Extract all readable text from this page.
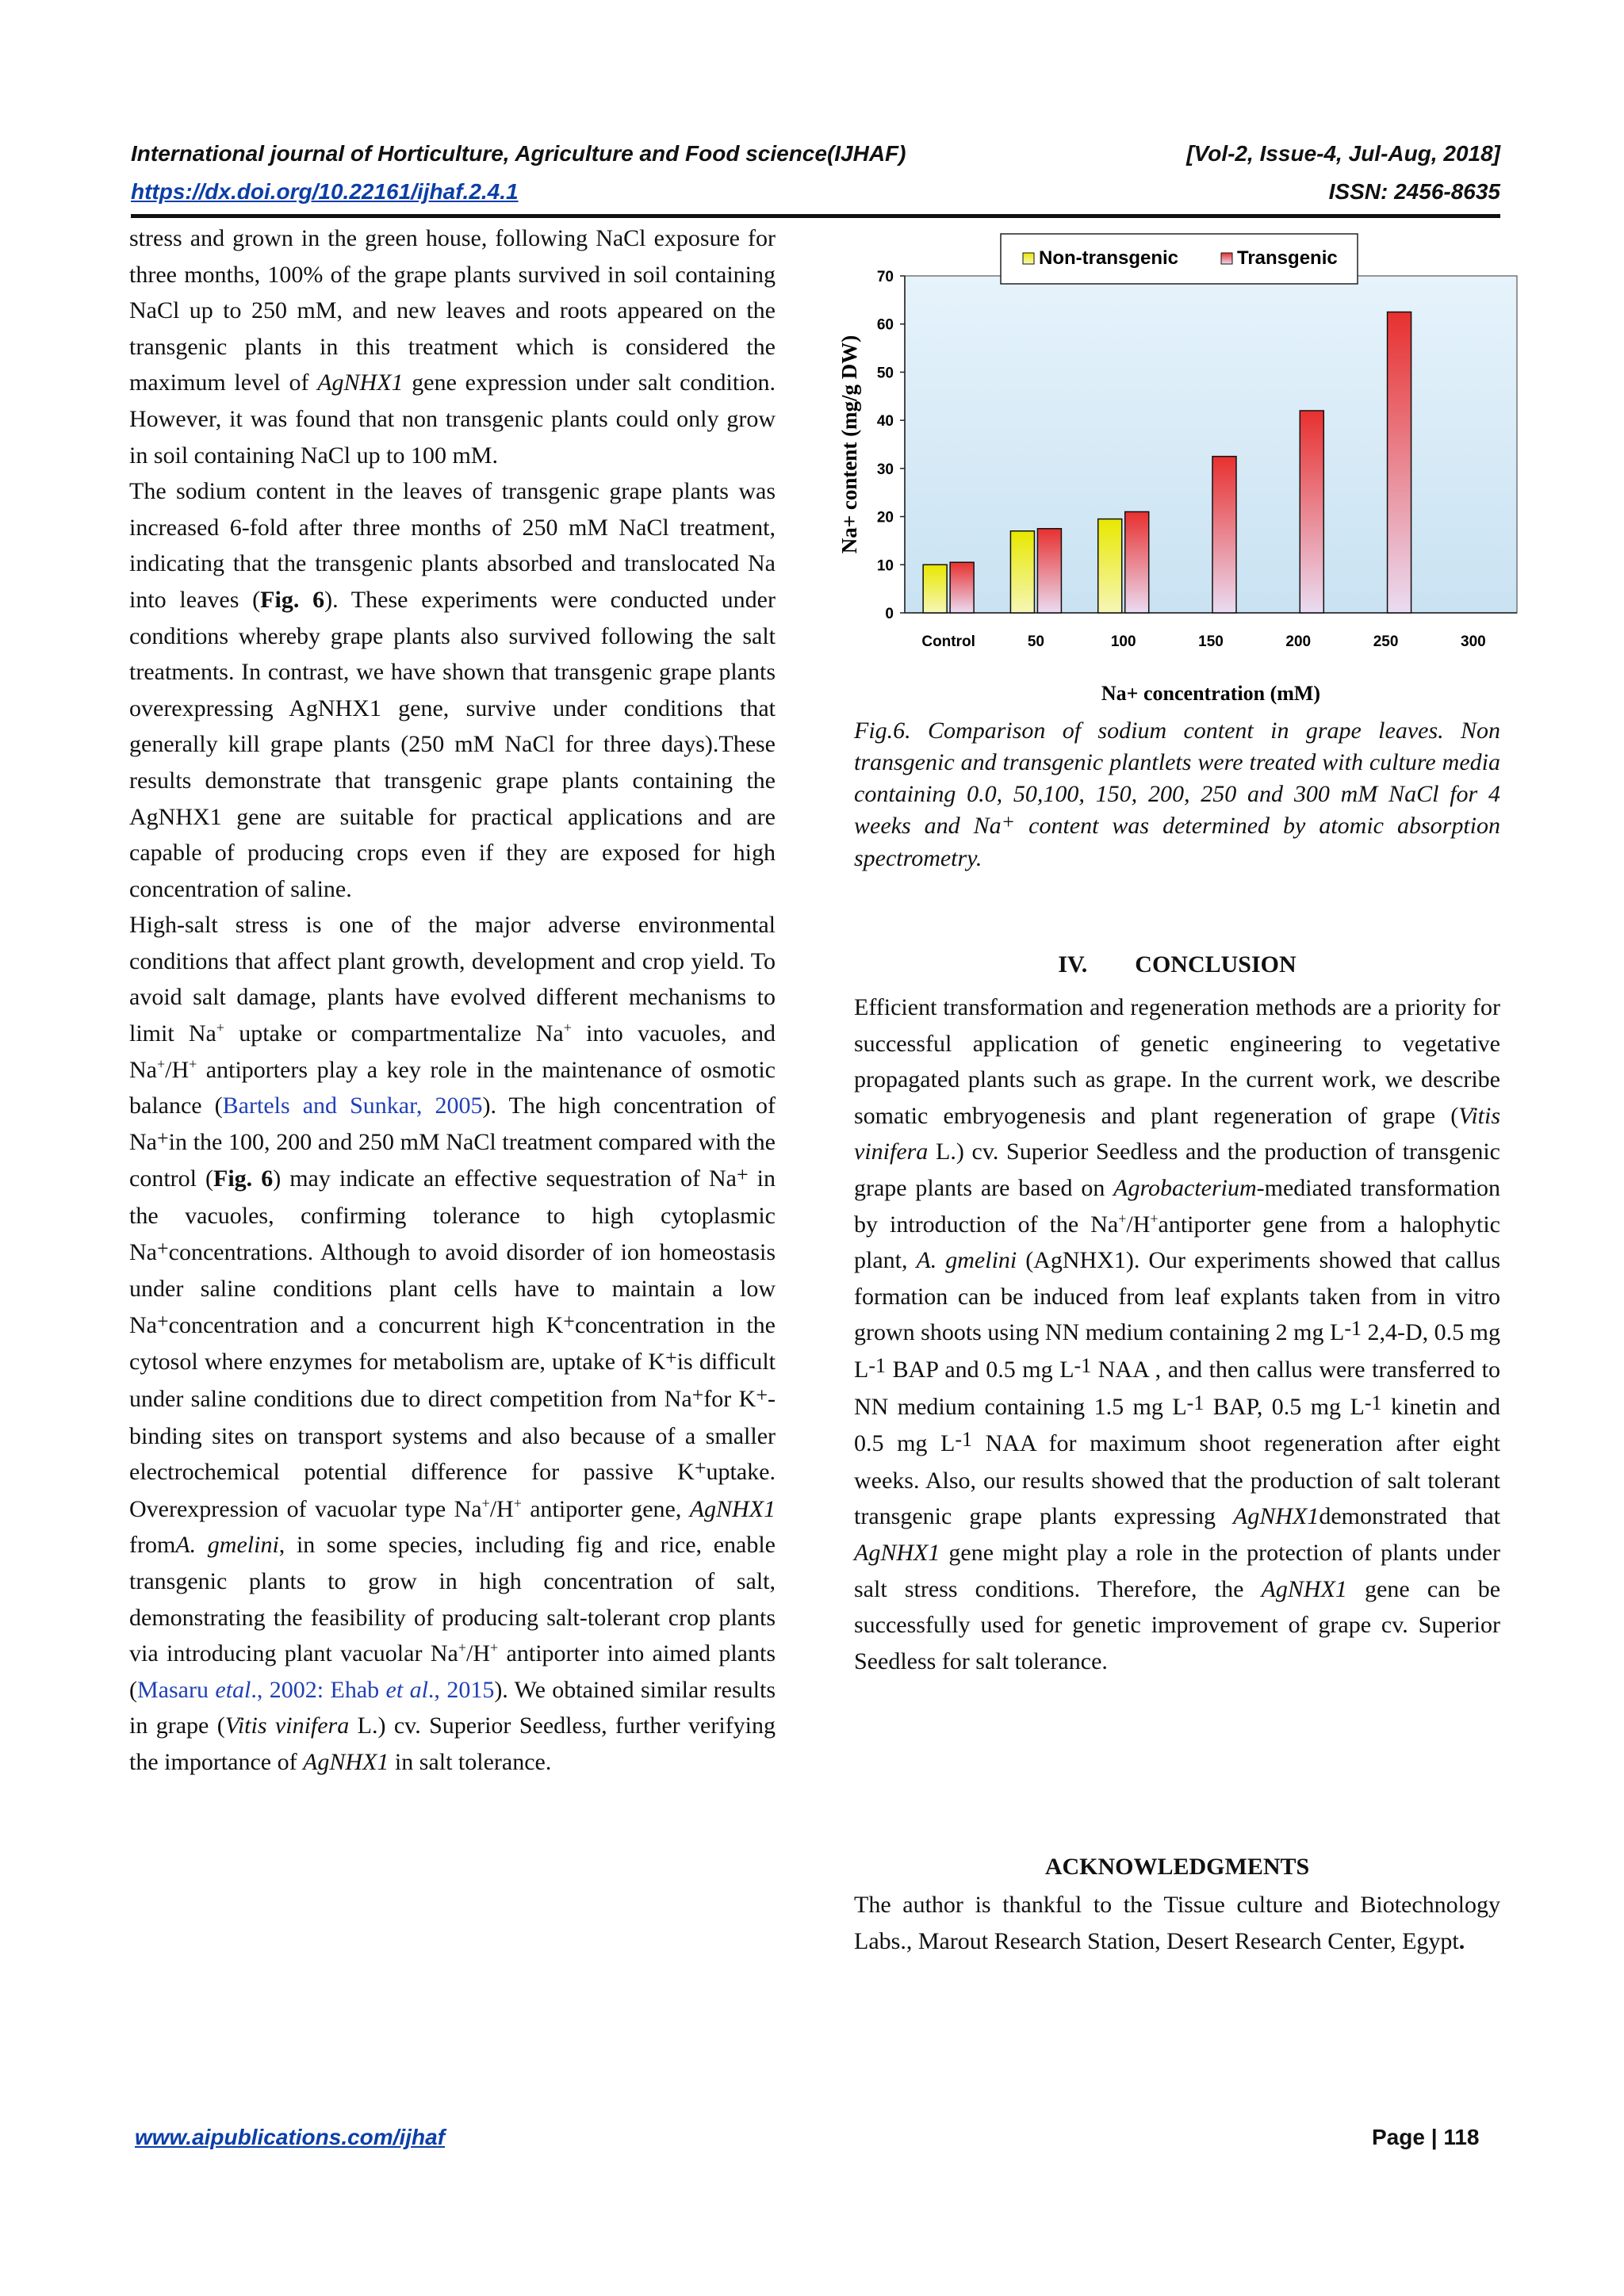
International journal of Horticulture, Agriculture and Food science(IJHAF)	[Vol-2, Issue-4, Jul-Aug, 2018]
https://dx.doi.org/10.22161/ijhaf.2.4.1	ISSN: 2456-8635

stress and grown in the green house, following NaCl exposure for three months, 100% of the grape plants survived in soil containing NaCl up to 250 mM, and new leaves and roots appeared on the transgenic plants in this treatment which is considered the maximum level of AgNHX1 gene expression under salt condition. However, it was found that non transgenic plants could only grow in soil containing NaCl up to 100 mM.

The sodium content in the leaves of transgenic grape plants was increased 6-fold after three months of 250 mM NaCl treatment, indicating that the transgenic plants absorbed and translocated Na into leaves (Fig. 6). These experiments were conducted under conditions whereby grape plants also survived following the salt treatments. In contrast, we have shown that transgenic grape plants overexpressing AgNHX1 gene, survive under conditions that generally kill grape plants (250 mM NaCl for three days).These results demonstrate that transgenic grape plants containing the AgNHX1 gene are suitable for practical applications and are capable of producing crops even if they are exposed for high concentration of saline.

High-salt stress is one of the major adverse environmental conditions that affect plant growth, development and crop yield. To avoid salt damage, plants have evolved different mechanisms to limit Na+ uptake or compartmentalize Na+ into vacuoles, and Na+/H+ antiporters play a key role in the maintenance of osmotic balance (Bartels and Sunkar, 2005). The high concentration of Na+in the 100, 200 and 250 mM NaCl treatment compared with the control (Fig. 6) may indicate an effective sequestration of Na+ in the vacuoles, confirming tolerance to high cytoplasmic Na+concentrations. Although to avoid disorder of ion homeostasis under saline conditions plant cells have to maintain a low Na+concentration and a concurrent high K+concentration in the cytosol where enzymes for metabolism are, uptake of K+is difficult under saline conditions due to direct competition from Na+for K+-binding sites on transport systems and also because of a smaller electrochemical potential difference for passive K+uptake. Overexpression of vacuolar type Na+/H+ antiporter gene, AgNHX1 fromA. gmelini, in some species, including fig and rice, enable transgenic plants to grow in high concentration of salt, demonstrating the feasibility of producing salt-tolerant crop plants via introducing plant vacuolar Na+/H+ antiporter into aimed plants (Masaru etal., 2002: Ehab et al., 2015). We obtained similar results in grape (Vitis vinifera L.) cv. Superior Seedless, further verifying the importance of AgNHX1 in salt tolerance.

0
10
20
30
40
50
60
70
Control	50	100	150	200	250	300
Na+ concentration (mM)
Na+ content (mg/g DW)
Non-transgenic	Transgenic
Fig.6. Comparison of sodium content in grape leaves. Non transgenic and transgenic plantlets were treated with culture media containing 0.0, 50,100, 150, 200, 250 and 300 mM NaCl for 4 weeks and Na+ content was determined by atomic absorption spectrometry.
IV. CONCLUSION

Efficient transformation and regeneration methods are a priority for successful application of genetic engineering to vegetative propagated plants such as grape. In the current work, we describe somatic embryogenesis and plant regeneration of grape (Vitis vinifera L.) cv. Superior Seedless and the production of transgenic grape plants are based on Agrobacterium-mediated transformation by introduction of the Na+/H+antiporter gene from a halophytic plant, A. gmelini (AgNHX1). Our experiments showed that callus formation can be induced from leaf explants taken from in vitro grown shoots using NN medium containing 2 mg L-1 2,4-D, 0.5 mg L-1 BAP and 0.5 mg L-1 NAA , and then callus were transferred to NN medium containing 1.5 mg L-1 BAP, 0.5 mg L-1 kinetin and 0.5 mg L-1 NAA for maximum shoot regeneration after eight weeks. Also, our results showed that the production of salt tolerant transgenic grape plants expressing AgNHX1demonstrated that AgNHX1 gene might play a role in the protection of plants under salt stress conditions. Therefore, the AgNHX1 gene can be successfully used for genetic improvement of grape cv. Superior Seedless for salt tolerance.

ACKNOWLEDGMENTS

The author is thankful to the Tissue culture and Biotechnology Labs., Marout Research Station, Desert Research Center, Egypt.

www.aipublications.com/ijhaf	Page | 118
